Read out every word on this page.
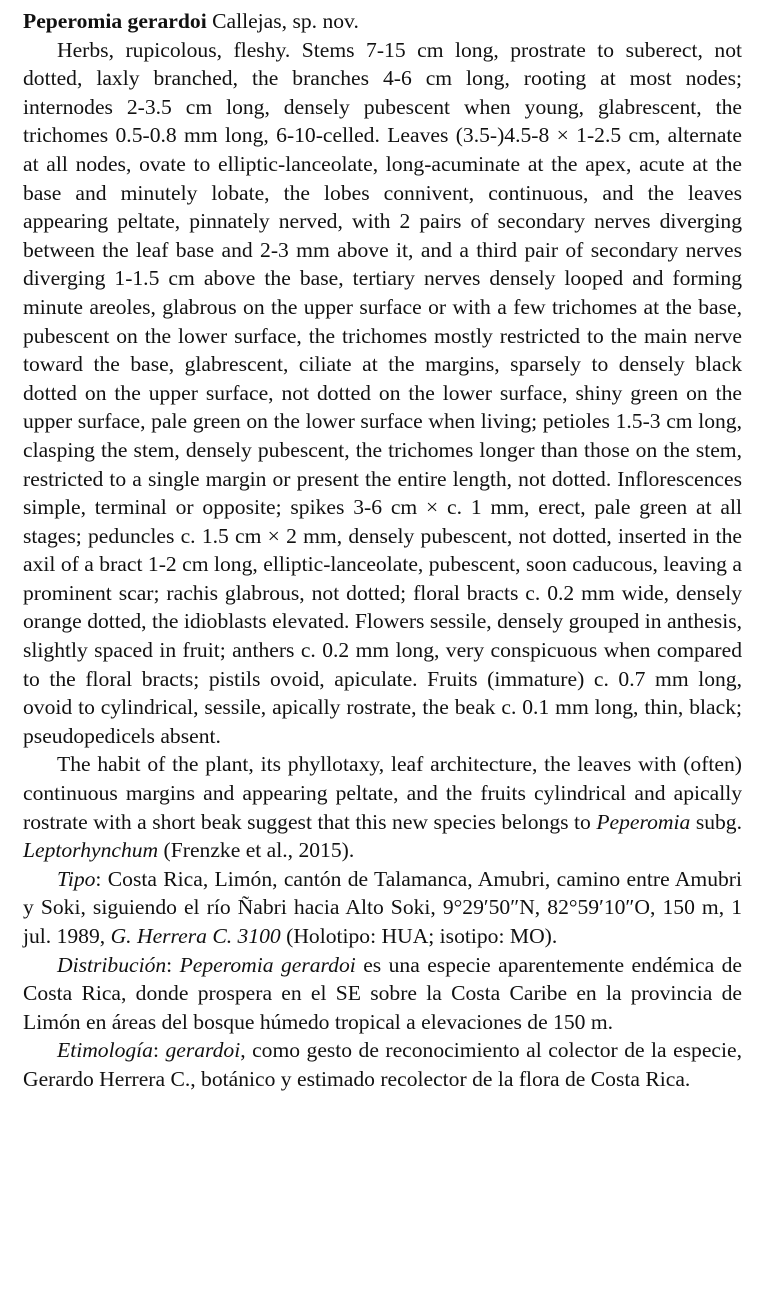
Peperomia gerardoi Callejas, sp. nov.

Herbs, rupicolous, fleshy. Stems 7-15 cm long, prostrate to suberect, not dotted, laxly branched, the branches 4-6 cm long, rooting at most nodes; internodes 2-3.5 cm long, densely pubescent when young, glabrescent, the trichomes 0.5-0.8 mm long, 6-10-celled. Leaves (3.5-)4.5-8 × 1-2.5 cm, alternate at all nodes, ovate to elliptic-lanceolate, long-acuminate at the apex, acute at the base and minutely lobate, the lobes connivent, continuous, and the leaves appearing peltate, pinnately nerved, with 2 pairs of secondary nerves diverging between the leaf base and 2-3 mm above it, and a third pair of secondary nerves diverging 1-1.5 cm above the base, tertiary nerves densely looped and forming minute areoles, glabrous on the upper surface or with a few trichomes at the base, pubescent on the lower surface, the trichomes mostly restricted to the main nerve toward the base, glabrescent, ciliate at the margins, sparsely to densely black dotted on the upper surface, not dotted on the lower surface, shiny green on the upper surface, pale green on the lower surface when living; petioles 1.5-3 cm long, clasping the stem, densely pubescent, the trichomes longer than those on the stem, restricted to a single margin or present the entire length, not dotted. Inflorescences simple, terminal or opposite; spikes 3-6 cm × c. 1 mm, erect, pale green at all stages; peduncles c. 1.5 cm × 2 mm, densely pubescent, not dotted, inserted in the axil of a bract 1-2 cm long, elliptic-lanceolate, pubescent, soon caducous, leaving a prominent scar; rachis glabrous, not dotted; floral bracts c. 0.2 mm wide, densely orange dotted, the idioblasts elevated. Flowers sessile, densely grouped in anthesis, slightly spaced in fruit; anthers c. 0.2 mm long, very conspicuous when compared to the floral bracts; pistils ovoid, apiculate. Fruits (immature) c. 0.7 mm long, ovoid to cylindrical, sessile, apically rostrate, the beak c. 0.1 mm long, thin, black; pseudopedicels absent.

The habit of the plant, its phyllotaxy, leaf architecture, the leaves with (often) continuous margins and appearing peltate, and the fruits cylindrical and apically rostrate with a short beak suggest that this new species belongs to Peperomia subg. Leptorhynchum (Frenzke et al., 2015).

Tipo: Costa Rica, Limón, cantón de Talamanca, Amubri, camino entre Amubri y Soki, siguiendo el río Ñabri hacia Alto Soki, 9°29′50″N, 82°59′10″O, 150 m, 1 jul. 1989, G. Herrera C. 3100 (Holotipo: HUA; isotipo: MO).

Distribución: Peperomia gerardoi es una especie aparentemente endémica de Costa Rica, donde prospera en el SE sobre la Costa Caribe en la provincia de Limón en áreas del bosque húmedo tropical a elevaciones de 150 m.

Etimología: gerardoi, como gesto de reconocimiento al colector de la especie, Gerardo Herrera C., botánico y estimado recolector de la flora de Costa Rica.
